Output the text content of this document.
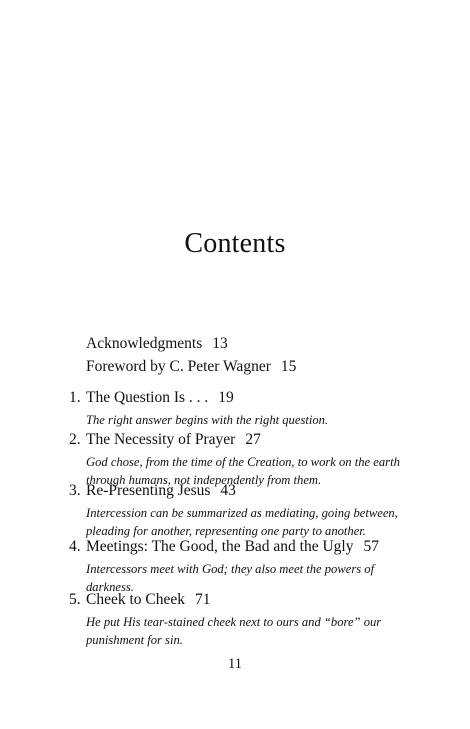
Contents
Acknowledgments 13
Foreword by C. Peter Wagner 15
1. The Question Is . . . 19
The right answer begins with the right question.
2. The Necessity of Prayer 27
God chose, from the time of the Creation, to work on the earth through humans, not independently from them.
3. Re-Presenting Jesus 43
Intercession can be summarized as mediating, going between, pleading for another, representing one party to another.
4. Meetings: The Good, the Bad and the Ugly 57
Intercessors meet with God; they also meet the powers of darkness.
5. Cheek to Cheek 71
He put His tear-stained cheek next to ours and “bore” our punishment for sin.
11
